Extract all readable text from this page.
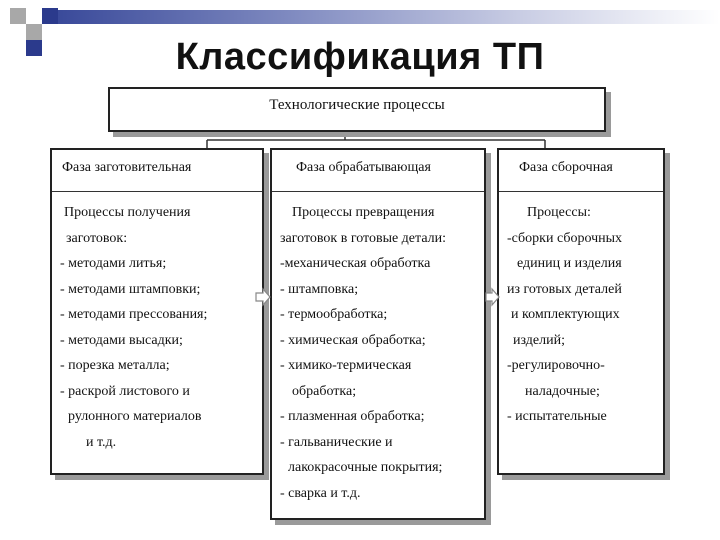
Классификация ТП
Технологические процессы
Фаза заготовительная
Процессы получения
заготовок:
- методами литья;
- методами штамповки;
- методами прессования;
- методами высадки;
- порезка металла;
- раскрой листового и
рулонного материалов
и т.д.
Фаза обрабатывающая
Процессы превращения
заготовок в готовые детали:
-механическая обработка
- штамповка;
- термообработка;
- химическая обработка;
- химико-термическая
обработка;
- плазменная обработка;
- гальванические и
лакокрасочные покрытия;
- сварка и т.д.
Фаза сборочная
Процессы:
-сборки сборочных
единиц и изделия
из готовых деталей
и комплектующих
изделий;
-регулировочно-
наладочные;
- испытательные
